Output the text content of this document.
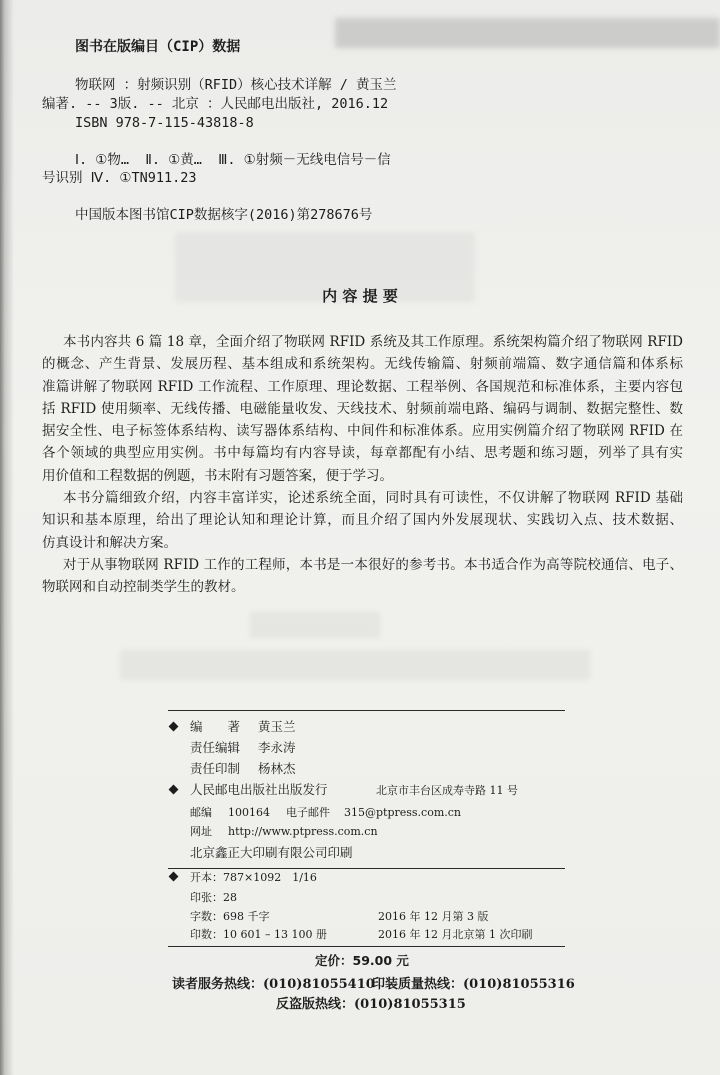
图书在版编目（CIP）数据
物联网 ：射频识别（RFID）核心技术详解 / 黄玉兰
编著. -- 3版. -- 北京 ：人民邮电出版社, 2016.12
ISBN 978-7-115-43818-8
Ⅰ. ①物…  Ⅱ. ①黄…  Ⅲ. ①射频－无线电信号－信
号识别 Ⅳ. ①TN911.23
中国版本图书馆CIP数据核字(2016)第278676号
内 容 提 要
本书内容共 6 篇 18 章，全面介绍了物联网 RFID 系统及其工作原理。系统架构篇介绍了物联网 RFID
的概念、产生背景、发展历程、基本组成和系统架构。无线传输篇、射频前端篇、数字通信篇和体系标
准篇讲解了物联网 RFID 工作流程、工作原理、理论数据、工程举例、各国规范和标准体系，主要内容包
括 RFID 使用频率、无线传播、电磁能量收发、天线技术、射频前端电路、编码与调制、数据完整性、数
据安全性、电子标签体系结构、读写器体系结构、中间件和标准体系。应用实例篇介绍了物联网 RFID 在
各个领域的典型应用实例。书中每篇均有内容导读，每章都配有小结、思考题和练习题，列举了具有实
用价值和工程数据的例题，书末附有习题答案，便于学习。
本书分篇细致介绍，内容丰富详实，论述系统全面，同时具有可读性，不仅讲解了物联网 RFID 基础
知识和基本原理，给出了理论认知和理论计算，而且介绍了国内外发展现状、实践切入点、技术数据、
仿真设计和解决方案。
对于从事物联网 RFID 工作的工程师，本书是一本很好的参考书。本书适合作为高等院校通信、电子、
物联网和自动控制类学生的教材。
编　　著 黄玉兰
责任编辑 李永涛
责任印制 杨林杰
人民邮电出版社出版发行	北京市丰台区成寿寺路 11 号
邮编 100164 电子邮件 315@ptpress.com.cn
网址 http://www.ptpress.com.cn
北京鑫正大印刷有限公司印刷
开本：787×1092　1/16
印张：28
字数：698 千字	2016 年 12 月第 3 版
印数：10 601 – 13 100 册	2016 年 12 月北京第 1 次印刷
定价：59.00 元
读者服务热线：(010)81055410
印装质量热线：(010)81055316
反盗版热线：(010)81055315
